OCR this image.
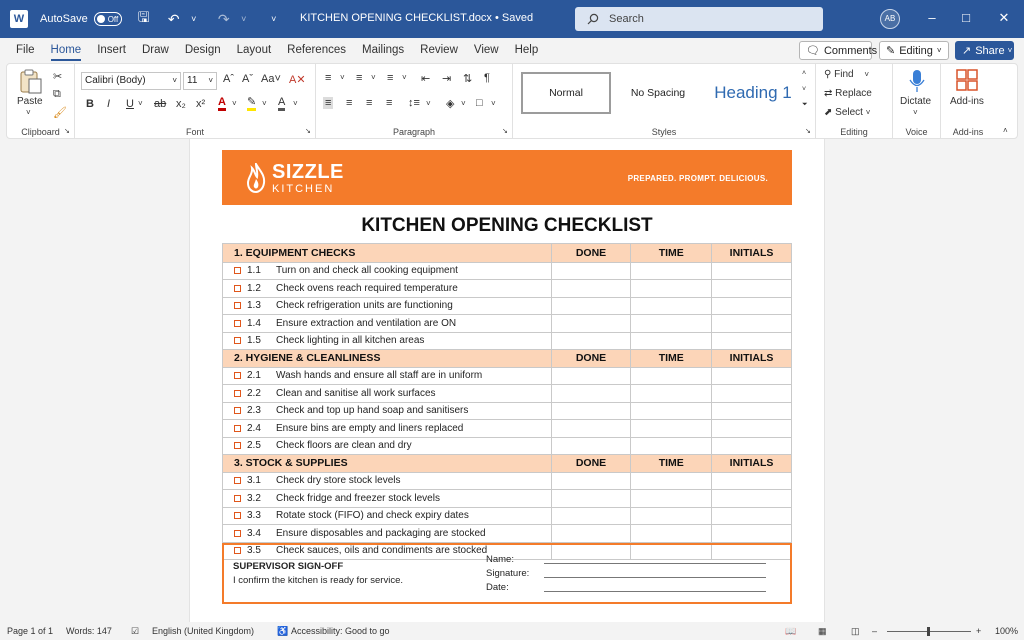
W
AutoSave	Off 🖫 ↶	˅	↷	˅	˅	KITCHEN OPENING CHECKLIST.docx • Saved	Search	AB	–	□	✕
File	Home	Insert	Draw	Design	Layout	References	Mailings	Review	View	Help	🗨 Comments ✎ Editing ˅ ↗ Share ˅
Paste
˅
✂
⧉
🖌
Clipboard ↘
Calibri (Body)	˅	11 ˅ Aˆ Aˇ Aa˅ A✕
B I U ˅ ab x₂ x² A ˅ ✎ ˅ A ˅
Font	↘
≡ ˅ ≡ ˅ ≡ ˅ ⇤ ⇥ ⇅ ¶
≡ ≡ ≡ ≡ ↕≡ ˅ ◈ ˅ □ ˅
Paragraph	↘
Normal	No Spacing	Heading 1
˄
˅
⏷
Styles	↘
⚲ Find ˅
⇄ Replace
⬈ Select ˅
Editing
Dictate
˅
Voice
Add-ins
Add-ins	˄
SIZZLE
KITCHEN
PREPARED. PROMPT. DELICIOUS.
KITCHEN OPENING CHECKLIST
1. EQUIPMENT CHECKS	DONE	TIME	INITIALS
1.1 Turn on and check all cooking equipment			
1.2 Check ovens reach required temperature			
1.3 Check refrigeration units are functioning			
1.4 Ensure extraction and ventilation are ON			
1.5 Check lighting in all kitchen areas			
2. HYGIENE & CLEANLINESS	DONE	TIME	INITIALS
2.1 Wash hands and ensure all staff are in uniform			
2.2 Clean and sanitise all work surfaces			
2.3 Check and top up hand soap and sanitisers			
2.4 Ensure bins are empty and liners replaced			
2.5 Check floors are clean and dry			
3. STOCK & SUPPLIES	DONE	TIME	INITIALS
3.1 Check dry store stock levels			
3.2 Check fridge and freezer stock levels			
3.3 Rotate stock (FIFO) and check expiry dates			
3.4 Ensure disposables and packaging are stocked			
3.5 Check sauces, oils and condiments are stocked			
SUPERVISOR SIGN-OFF
I confirm the kitchen is ready for service.
Name:
Signature:
Date:
Page 1 of 1 Words: 147 ☑ English (United Kingdom)	♿ Accessibility: Good to go	📖 ▦	◫ –	+ 100%
